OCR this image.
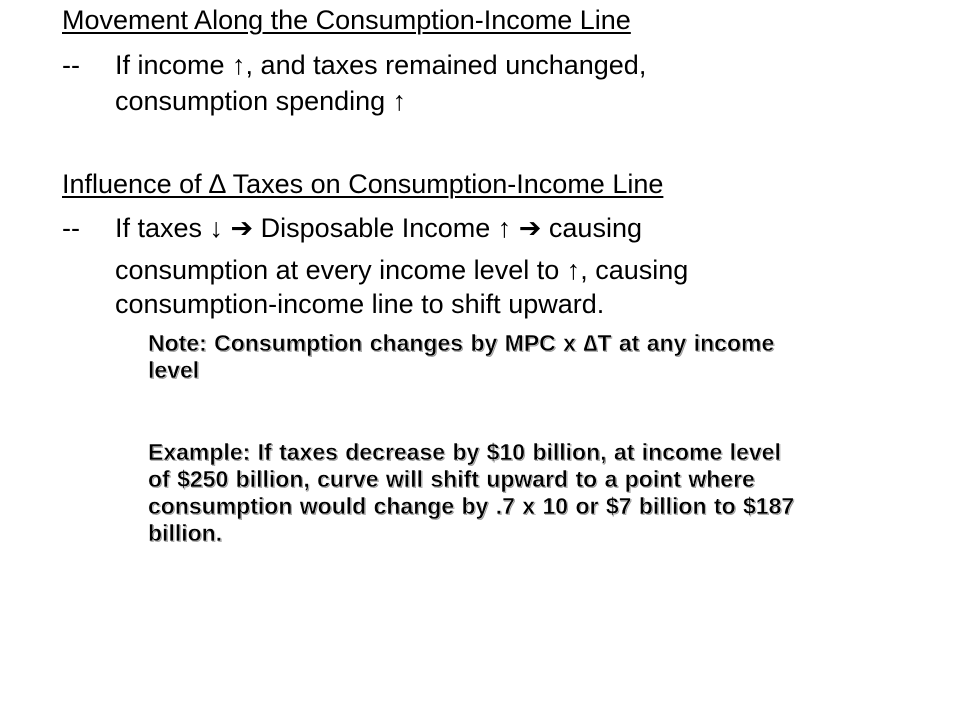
Movement Along the Consumption-Income Line
-- If income ↑, and taxes remained unchanged,
consumption spending ↑
Influence of ∆ Taxes on Consumption-Income Line
-- If taxes ↓ ➔ Disposable Income ↑ ➔ causing
consumption at every income level to ↑, causing
consumption-income line to shift upward.
Note: Consumption changes by MPC x ∆T at any income
level
Example: If taxes decrease by $10 billion, at income level
of $250 billion, curve will shift upward to a point where
consumption would change by .7 x 10 or $7 billion to $187
billion.
